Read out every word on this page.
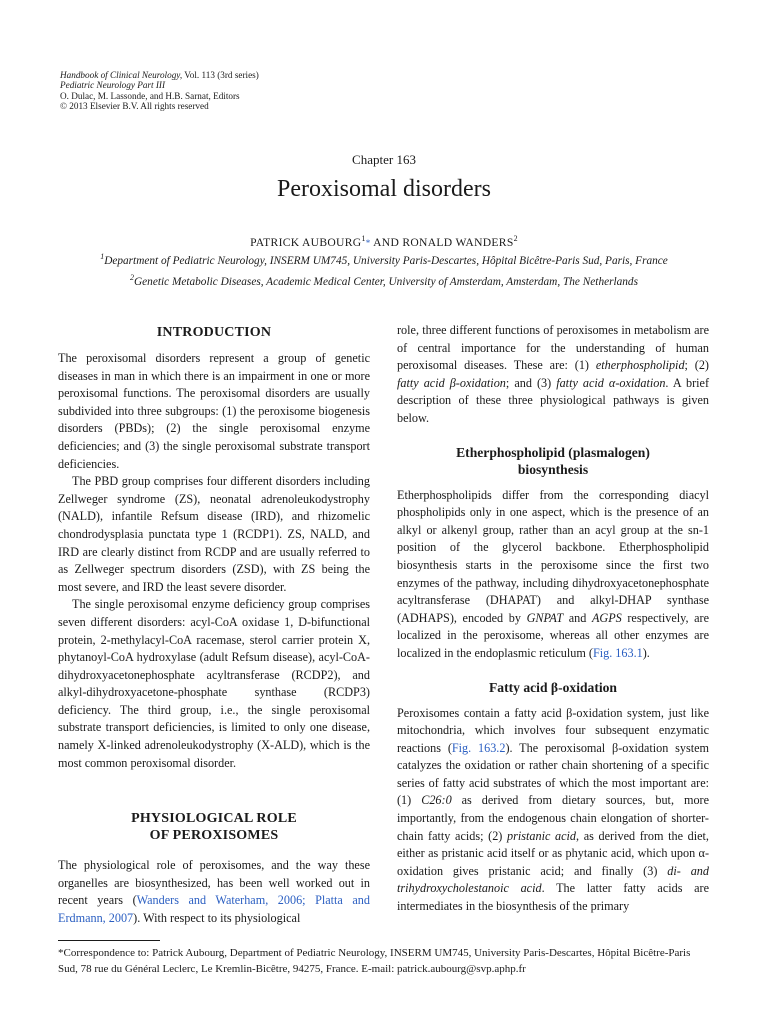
Handbook of Clinical Neurology, Vol. 113 (3rd series)
Pediatric Neurology Part III
O. Dulac, M. Lassonde, and H.B. Sarnat, Editors
© 2013 Elsevier B.V. All rights reserved
Chapter 163
Peroxisomal disorders
PATRICK AUBOURG$^1$* AND RONALD WANDERS$^2$
$^1$Department of Pediatric Neurology, INSERM UM745, University Paris-Descartes, Hôpital Bicêtre-Paris Sud, Paris, France
$^2$Genetic Metabolic Diseases, Academic Medical Center, University of Amsterdam, Amsterdam, The Netherlands
INTRODUCTION

The peroxisomal disorders represent a group of genetic diseases in man in which there is an impairment in one or more peroxisomal functions. The peroxisomal disorders are usually subdivided into three subgroups: (1) the peroxisome biogenesis disorders (PBDs); (2) the single peroxisomal enzyme deficiencies; and (3) the single peroxisomal substrate transport deficiencies.

The PBD group comprises four different disorders including Zellweger syndrome (ZS), neonatal adrenoleukodystrophy (NALD), infantile Refsum disease (IRD), and rhizomelic chondrodysplasia punctata type 1 (RCDP1). ZS, NALD, and IRD are clearly distinct from RCDP and are usually referred to as Zellweger spectrum disorders (ZSD), with ZS being the most severe, and IRD the least severe disorder.

The single peroxisomal enzyme deficiency group comprises seven different disorders: acyl-CoA oxidase 1, D-bifunctional protein, 2-methylacyl-CoA racemase, sterol carrier protein X, phytanoyl-CoA hydroxylase (adult Refsum disease), acyl-CoA-dihydroxyacetonephosphate acyltransferase (RCDP2), and alkyl-dihydroxyacetone-phosphate synthase (RCDP3) deficiency. The third group, i.e., the single peroxisomal substrate transport deficiencies, is limited to only one disease, namely X-linked adrenoleukodystrophy (X-ALD), which is the most common peroxisomal disorder.

PHYSIOLOGICAL ROLE
OF PEROXISOMES

The physiological role of peroxisomes, and the way these organelles are biosynthesized, has been well worked out in recent years (Wanders and Waterham, 2006; Platta and Erdmann, 2007). With respect to its physiological

role, three different functions of peroxisomes in metabolism are of central importance for the understanding of human peroxisomal diseases. These are: (1) etherphospholipid; (2) fatty acid β-oxidation; and (3) fatty acid α-oxidation. A brief description of these three physiological pathways is given below.

Etherphospholipid (plasmalogen)
biosynthesis

Etherphospholipids differ from the corresponding diacyl phospholipids only in one aspect, which is the presence of an alkyl or alkenyl group, rather than an acyl group at the sn-1 position of the glycerol backbone. Etherphospholipid biosynthesis starts in the peroxisome since the first two enzymes of the pathway, including dihydroxyacetonephosphate acyltransferase (DHAPAT) and alkyl-DHAP synthase (ADHAPS), encoded by GNPAT and AGPS respectively, are localized in the peroxisome, whereas all other enzymes are localized in the endoplasmic reticulum (Fig. 163.1).

Fatty acid β-oxidation

Peroxisomes contain a fatty acid β-oxidation system, just like mitochondria, which involves four subsequent enzymatic reactions (Fig. 163.2). The peroxisomal β-oxidation system catalyzes the oxidation or rather chain shortening of a specific series of fatty acid substrates of which the most important are: (1) C26:0 as derived from dietary sources, but, more importantly, from the endogenous chain elongation of shorter-chain fatty acids; (2) pristanic acid, as derived from the diet, either as pristanic acid itself or as phytanic acid, which upon α-oxidation gives pristanic acid; and finally (3) di- and trihydroxycholestanoic acid. The latter fatty acids are intermediates in the biosynthesis of the primary

*Correspondence to: Patrick Aubourg, Department of Pediatric Neurology, INSERM UM745, University Paris-Descartes, Hôpital Bicêtre-Paris Sud, 78 rue du Général Leclerc, Le Kremlin-Bicêtre, 94275, France. E-mail: patrick.aubourg@svp.aphp.fr
